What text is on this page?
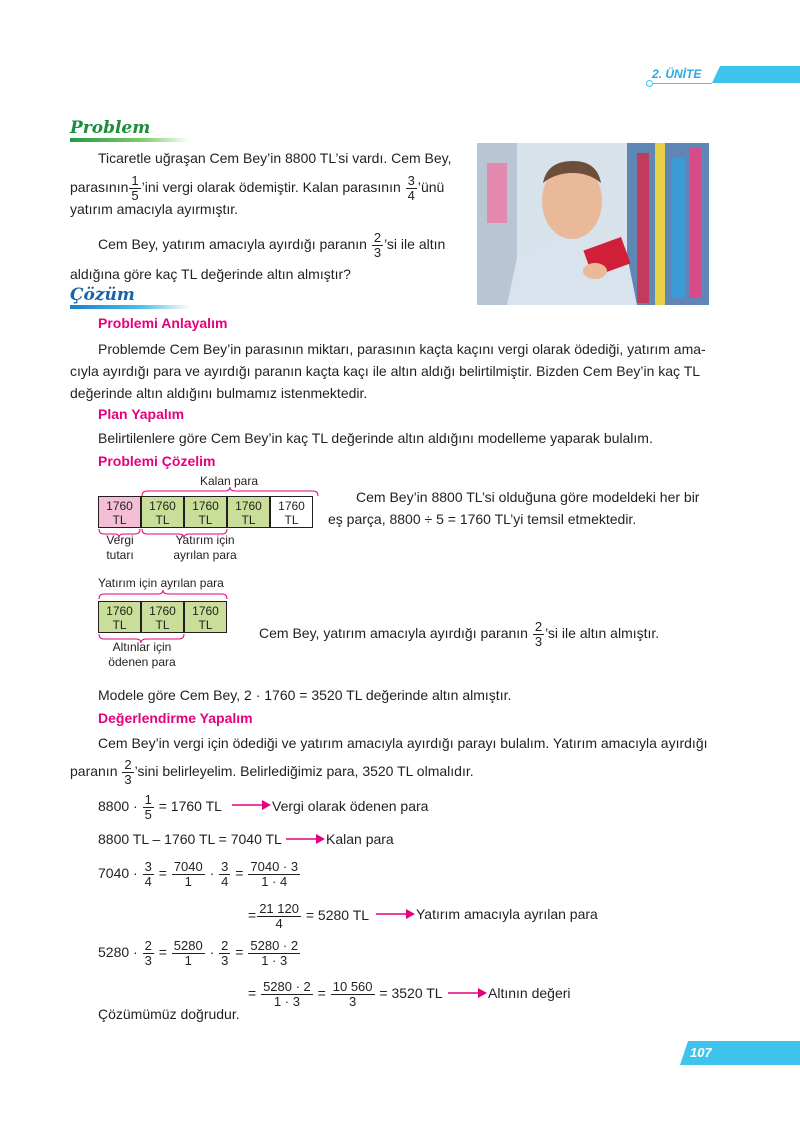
2. ÜNİTE
Problem
Ticaretle uğraşan Cem Bey’in 8800 TL’si vardı. Cem Bey,
parasının $\frac{1}{5}$ ’ini vergi olarak ödemiştir. Kalan parasının $\frac{3}{4}$ ’ünü
yatırım amacıyla ayırmıştır.
Cem Bey, yatırım amacıyla ayırdığı paranın $\frac{2}{3}$ ’si ile altın
aldığına göre kaç TL değerinde altın almıştır?
Çözüm
Problemi Anlayalım
Problemde Cem Bey’in parasının miktarı, parasının kaçta kaçını vergi olarak ödediği, yatırım ama-
cıyla ayırdığı para ve ayırdığı paranın kaçta kaçı ile altın aldığı belirtilmiştir. Bizden Cem Bey’in kaç TL
değerinde altın aldığını bulmamız istenmektedir.
Plan Yapalım
Belirtilenlere göre Cem Bey’in kaç TL değerinde altın aldığını modelleme yaparak bulalım.
Problemi Çözelim
Kalan para
1760
TL
1760
TL
1760
TL
1760
TL
1760
TL
Vergi
tutarı
Yatırım için
ayrılan para
Cem Bey’in 8800 TL’si olduğuna göre modeldeki her bir
eş parça, 8800 ÷ 5 = 1760 TL’yi temsil etmektedir.
Yatırım için ayrılan para
1760
TL
1760
TL
1760
TL
Altınlar için
ödenen para
Cem Bey, yatırım amacıyla ayırdığı paranın $\frac{2}{3}$ ’si ile altın almıştır.
Modele göre Cem Bey, 2 · 1760 = 3520 TL değerinde altın almıştır.
Değerlendirme Yapalım
Cem Bey’in vergi için ödediği ve yatırım amacıyla ayırdığı parayı bulalım. Yatırım amacıyla ayırdığı
paranın $\frac{2}{3}$ ’sini belirleyelim. Belirlediğimiz para, 3520 TL olmalıdır.
$8800 \cdot \frac{1}{5} = 1760$ TL	Vergi olarak ödenen para
8800 TL – 1760 TL = 7040 TL	Kalan para
$7040 \cdot \frac{3}{4} = \frac{7040}{1} \cdot \frac{3}{4} = \frac{7040 \cdot 3}{1 \cdot 4}$
= $\frac{21 120}{4} = 5280$ TL	Yatırım amacıyla ayrılan para
$5280 \cdot \frac{2}{3} = \frac{5280}{1} \cdot \frac{2}{3} = \frac{5280 \cdot 2}{1 \cdot 3}$
= $\frac{5280 \cdot 2}{1 \cdot 3} = \frac{10 560}{3} = 3520$ TL	Altının değeri
Çözümümüz doğrudur.
107
